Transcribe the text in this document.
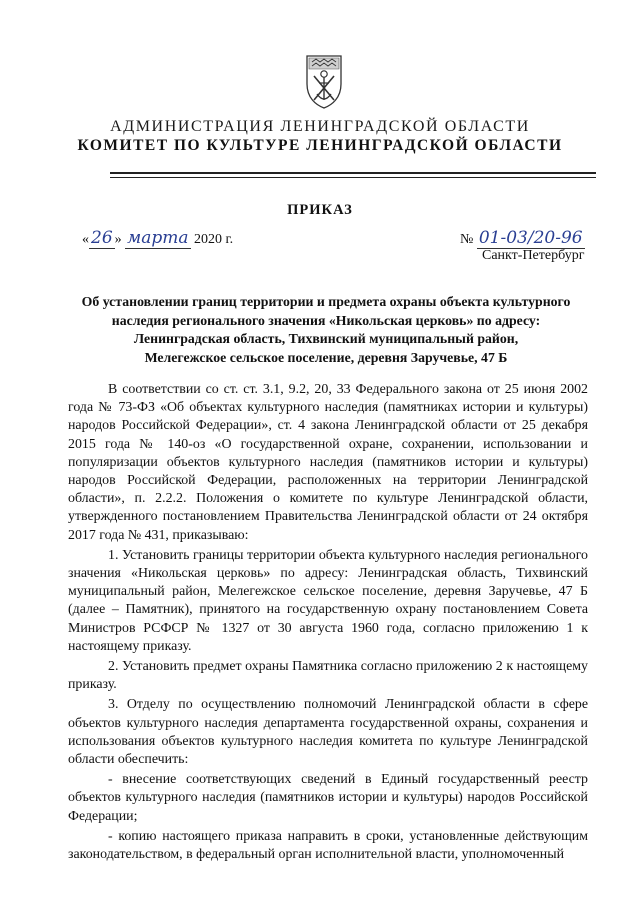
АДМИНИСТРАЦИЯ ЛЕНИНГРАДСКОЙ ОБЛАСТИ
КОМИТЕТ ПО КУЛЬТУРЕ ЛЕНИНГРАДСКОЙ ОБЛАСТИ
ПРИКАЗ
« 26 » марта 2020 г.	№ 01-03/20-96
Санкт-Петербург
Об установлении границ территории и предмета охраны объекта культурного
наследия регионального значения «Никольская церковь» по адресу:
Ленинградская область, Тихвинский муниципальный район,
Мелегежское сельское поселение, деревня Заручевье, 47 Б

В соответствии со ст. ст. 3.1, 9.2, 20, 33 Федерального закона от 25 июня 2002 года № 73-ФЗ «Об объектах культурного наследия (памятниках истории и культуры) народов Российской Федерации», ст. 4 закона Ленинградской области от 25 декабря 2015 года № 140-оз «О государственной охране, сохранении, использовании и популяризации объектов культурного наследия (памятников истории и культуры) народов Российской Федерации, расположенных на территории Ленинградской области», п. 2.2.2. Положения о комитете по культуре Ленинградской области, утвержденного постановлением Правительства Ленинградской области от 24 октября 2017 года № 431, приказываю:

1. Установить границы территории объекта культурного наследия регионального значения «Никольская церковь» по адресу: Ленинградская область, Тихвинский муниципальный район, Мелегежское сельское поселение, деревня Заручевье, 47 Б (далее – Памятник), принятого на государственную охрану постановлением Совета Министров РСФСР № 1327 от 30 августа 1960 года, согласно приложению 1 к настоящему приказу.

2. Установить предмет охраны Памятника согласно приложению 2 к настоящему приказу.

3. Отделу по осуществлению полномочий Ленинградской области в сфере объектов культурного наследия департамента государственной охраны, сохранения и использования объектов культурного наследия комитета по культуре Ленинградской области обеспечить:

- внесение соответствующих сведений в Единый государственный реестр объектов культурного наследия (памятников истории и культуры) народов Российской Федерации;

- копию настоящего приказа направить в сроки, установленные действующим законодательством, в федеральный орган исполнительной власти, уполномоченный
